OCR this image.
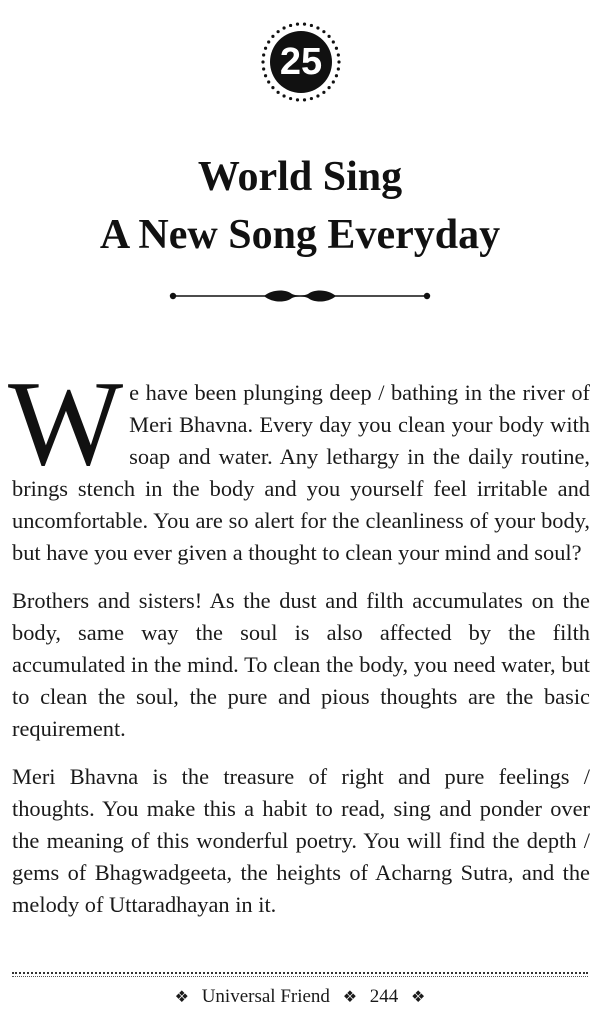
25
World Sing
A New Song Everyday

We have been plunging deep / bathing in the river of Meri Bhavna. Every day you clean your body with soap and water. Any lethargy in the daily routine, brings stench in the body and you yourself feel irritable and uncomfortable. You are so alert for the cleanliness of your body, but have you ever given a thought to clean your mind and soul?

Brothers and sisters! As the dust and filth accumulates on the body, same way the soul is also affected by the filth accumulated in the mind. To clean the body, you need water, but to clean the soul, the pure and pious thoughts are the basic requirement.

Meri Bhavna is the treasure of right and pure feelings / thoughts. You make this a habit to read, sing and ponder over the meaning of this wonderful poetry. You will find the depth / gems of Bhagwadgeeta, the heights of Acharng Sutra, and the melody of Uttaradhayan in it.

❖ Universal Friend ❖ 244 ❖
